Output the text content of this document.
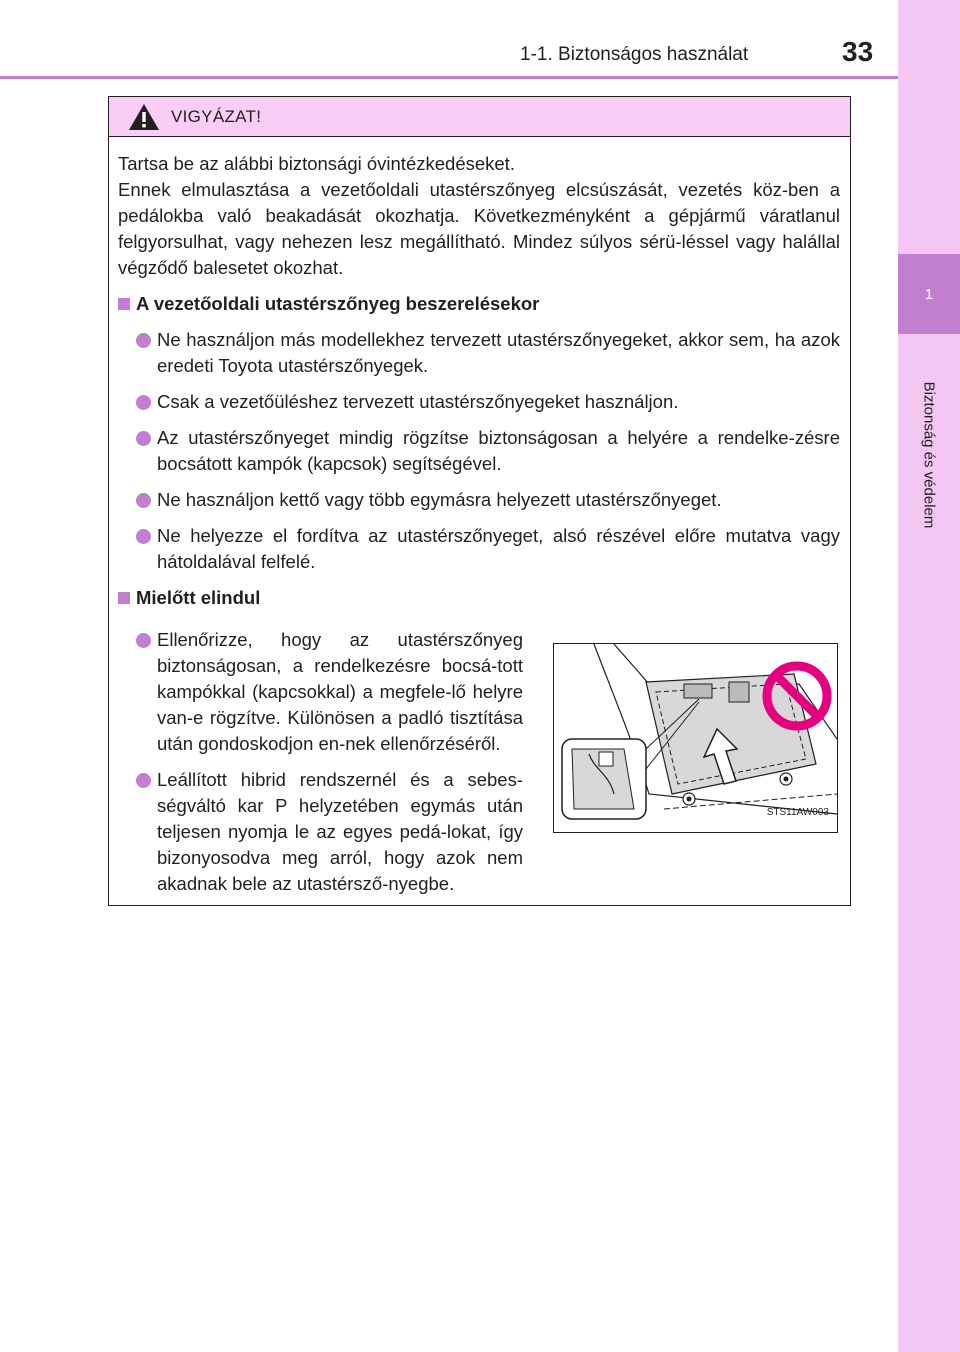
1
Biztonság és védelem
1-1. Biztonságos használat	33
VIGYÁZAT!

Tartsa be az alábbi biztonsági óvintézkedéseket.

Ennek elmulasztása a vezetőoldali utastérszőnyeg elcsúszását, vezetés köz-ben a pedálokba való beakadását okozhatja. Következményként a gépjármű váratlanul felgyorsulhat, vagy nehezen lesz megállítható. Mindez súlyos sérü-léssel vagy halállal végződő balesetet okozhat.

A vezetőoldali utastérszőnyeg beszerelésekor
Ne használjon más modellekhez tervezett utastérszőnyegeket, akkor sem, ha azok eredeti Toyota utastérszőnyegek.
Csak a vezetőüléshez tervezett utastérszőnyegeket használjon.
Az utastérszőnyeget mindig rögzítse biztonságosan a helyére a rendelke-zésre bocsátott kampók (kapcsok) segítségével.
Ne használjon kettő vagy több egymásra helyezett utastérszőnyeget.
Ne helyezze el fordítva az utastérszőnyeget, alsó részével előre mutatva vagy hátoldalával felfelé.
Mielőtt elindul
Ellenőrizze, hogy az utastérszőnyeg biztonságosan, a rendelkezésre bocsá-tott kampókkal (kapcsokkal) a megfele-lő helyre van-e rögzítve. Különösen a padló tisztítása után gondoskodjon en-nek ellenőrzéséről.
Leállított hibrid rendszernél és a sebes-ségváltó kar P helyzetében egymás után teljesen nyomja le az egyes pedá-lokat, így bizonyosodva meg arról, hogy azok nem akadnak bele az utastérsző-nyegbe.
STS11AW003
